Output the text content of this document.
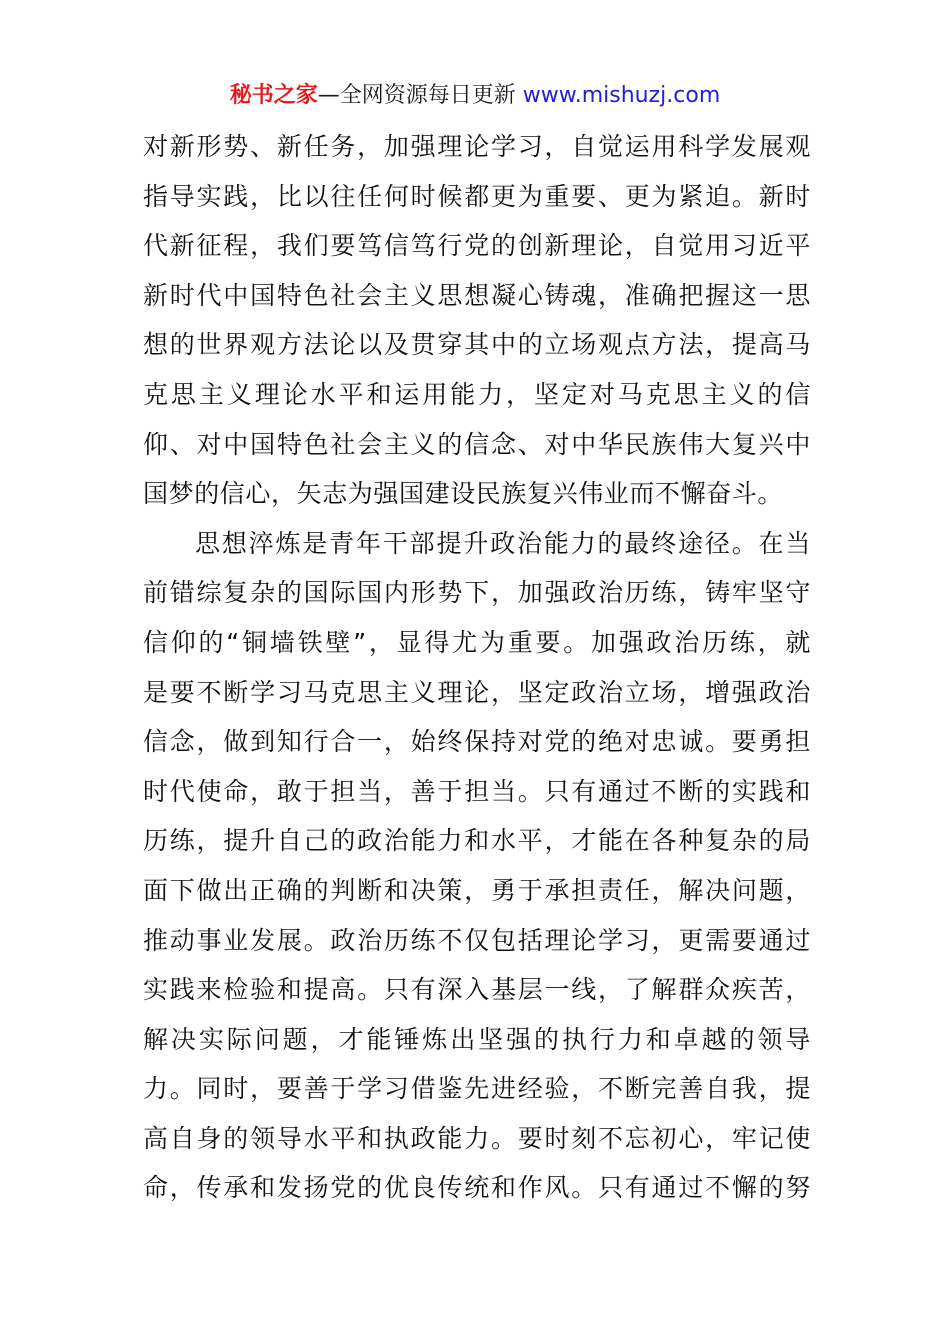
秘书之家—全网资源每日更新 www.mishuzj.com
对新形势、新任务，加强理论学习，自觉运用科学发展观
指导实践，比以往任何时候都更为重要、更为紧迫。新时
代新征程，我们要笃信笃行党的创新理论，自觉用习近平
新时代中国特色社会主义思想凝心铸魂，准确把握这一思
想的世界观方法论以及贯穿其中的立场观点方法，提高马
克思主义理论水平和运用能力，坚定对马克思主义的信
仰、对中国特色社会主义的信念、对中华民族伟大复兴中
国梦的信心，矢志为强国建设民族复兴伟业而不懈奋斗。
思想淬炼是青年干部提升政治能力的最终途径。在当
前错综复杂的国际国内形势下，加强政治历练，铸牢坚守
信仰的“铜墙铁壁”，显得尤为重要。加强政治历练，就
是要不断学习马克思主义理论，坚定政治立场，增强政治
信念，做到知行合一，始终保持对党的绝对忠诚。要勇担
时代使命，敢于担当，善于担当。只有通过不断的实践和
历练，提升自己的政治能力和水平，才能在各种复杂的局
面下做出正确的判断和决策，勇于承担责任，解决问题，
推动事业发展。政治历练不仅包括理论学习，更需要通过
实践来检验和提高。只有深入基层一线，了解群众疾苦，
解决实际问题，才能锤炼出坚强的执行力和卓越的领导
力。同时，要善于学习借鉴先进经验，不断完善自我，提
高自身的领导水平和执政能力。要时刻不忘初心，牢记使
命，传承和发扬党的优良传统和作风。只有通过不懈的努
